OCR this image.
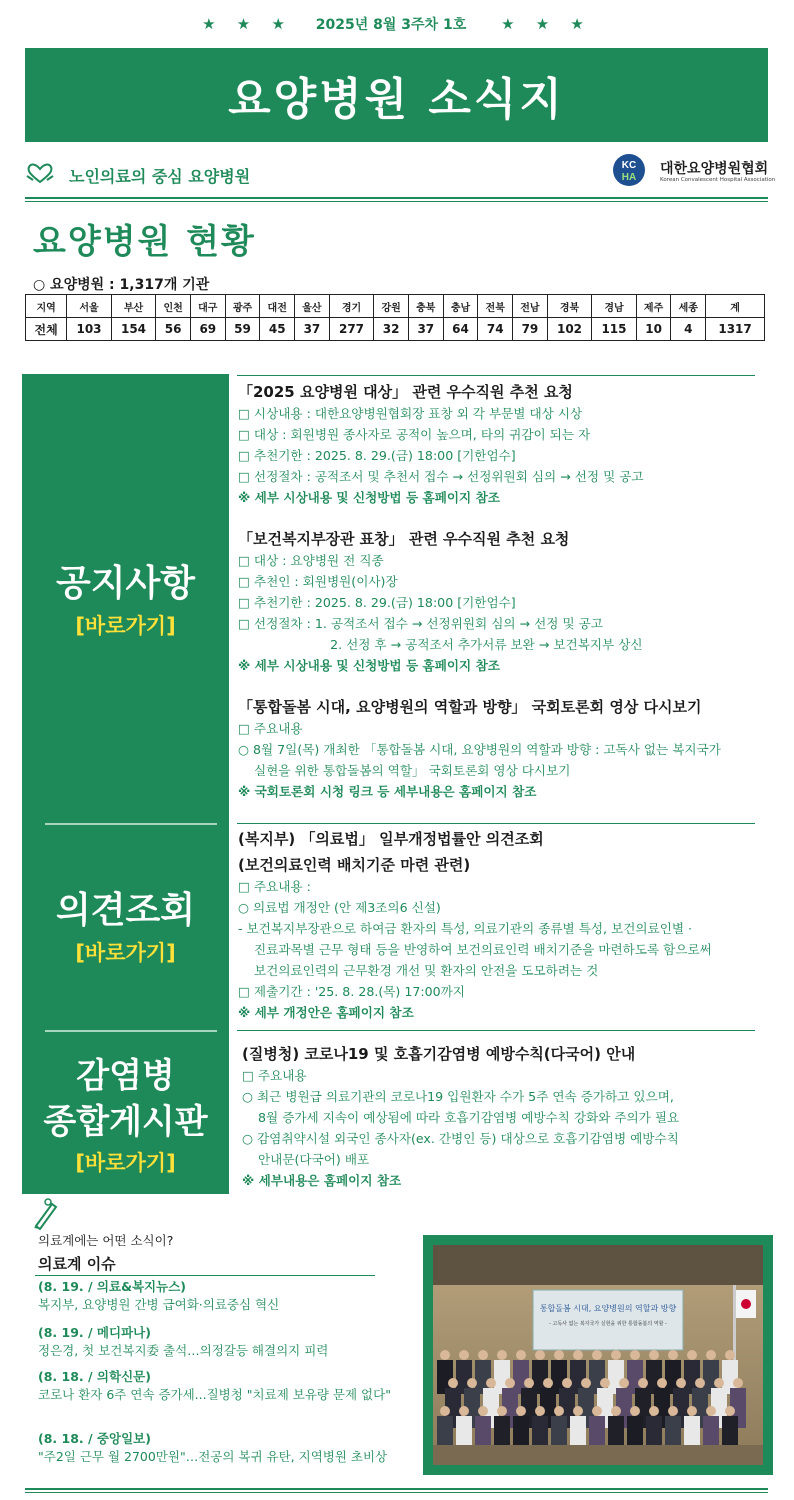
★ ★ ★ 2025년 8월 3주차 1호 ★ ★ ★
요양병원 소식지
노인의료의 중심 요양병원
KC
HA
대한요양병원협회
Korean Convalescent Hospital Association
요양병원 현황
○ 요양병원 : 1,317개 기관
지역	서울	부산	인천	대구	광주	대전	울산	경기	강원	충북	충남	전북	전남	경북	경남	제주	세종	계
전체	103	154	56	69	59	45	37	277	32	37	64	74	79	102	115	10	4	1317
공지사항
[바로가기]
의견조회
[바로가기]
감염병
종합게시판
[바로가기]
「2025 요양병원 대상」 관련 우수직원 추천 요청
□ 시상내용 : 대한요양병원협회장 표창 외 각 부문별 대상 시상
□ 대상 : 회원병원 종사자로 공적이 높으며, 타의 귀감이 되는 자
□ 추천기한 : 2025. 8. 29.(금) 18:00 [기한엄수]
□ 선정절차 : 공적조서 및 추천서 접수 → 선정위원회 심의 → 선정 및 공고
※ 세부 시상내용 및 신청방법 등 홈페이지 참조
「보건복지부장관 표창」 관련 우수직원 추천 요청
□ 대상 : 요양병원 전 직종
□ 추천인 : 회원병원(이사)장
□ 추천기한 : 2025. 8. 29.(금) 18:00 [기한엄수]
□ 선정절차 : 1. 공적조서 접수 → 선정위원회 심의 → 선정 및 공고
2. 선정 후 → 공적조서 추가서류 보완 → 보건복지부 상신
※ 세부 시상내용 및 신청방법 등 홈페이지 참조
「통합돌봄 시대, 요양병원의 역할과 방향」 국회토론회 영상 다시보기
□ 주요내용
○ 8월 7일(목) 개최한 「통합돌봄 시대, 요양병원의 역할과 방향 : 고독사 없는 복지국가
실현을 위한 통합돌봄의 역할」 국회토론회 영상 다시보기
※ 국회토론회 시청 링크 등 세부내용은 홈페이지 참조
(복지부) 「의료법」 일부개정법률안 의견조회
(보건의료인력 배치기준 마련 관련)
□ 주요내용 :
○ 의료법 개정안 (안 제3조의6 신설)
- 보건복지부장관으로 하여금 환자의 특성, 의료기관의 종류별 특성, 보건의료인별 ·
진료과목별 근무 형태 등을 반영하여 보건의료인력 배치기준을 마련하도록 함으로써
보건의료인력의 근무환경 개선 및 환자의 안전을 도모하려는 것
□ 제출기간 : '25. 8. 28.(목) 17:00까지
※ 세부 개정안은 홈페이지 참조
(질병청) 코로나19 및 호흡기감염병 예방수칙(다국어) 안내
□ 주요내용
○ 최근 병원급 의료기관의 코로나19 입원환자 수가 5주 연속 증가하고 있으며,
8월 증가세 지속이 예상됨에 따라 호흡기감염병 예방수칙 강화와 주의가 필요
○ 감염취약시설 외국인 종사자(ex. 간병인 등) 대상으로 호흡기감염병 예방수칙
안내문(다국어) 배포
※ 세부내용은 홈페이지 참조
의료계에는 어떤 소식이?
의료계 이슈
(8. 19. / 의료&복지뉴스)
복지부, 요양병원 간병 급여화·의료중심 혁신
(8. 19. / 메디파나)
정은경, 첫 보건복지委 출석…의정갈등 해결의지 피력
(8. 18. / 의학신문)
코로나 환자 6주 연속 증가세...질병청 "치료제 보유량 문제 없다"
(8. 18. / 중앙일보)
"주2일 근무 월 2700만원"…전공의 복귀 유탄, 지역병원 초비상
통합돌봄 시대, 요양병원의 역할과 방향
- 고독사 없는 복지국가 실현을 위한 통합돌봄의 역할 -
